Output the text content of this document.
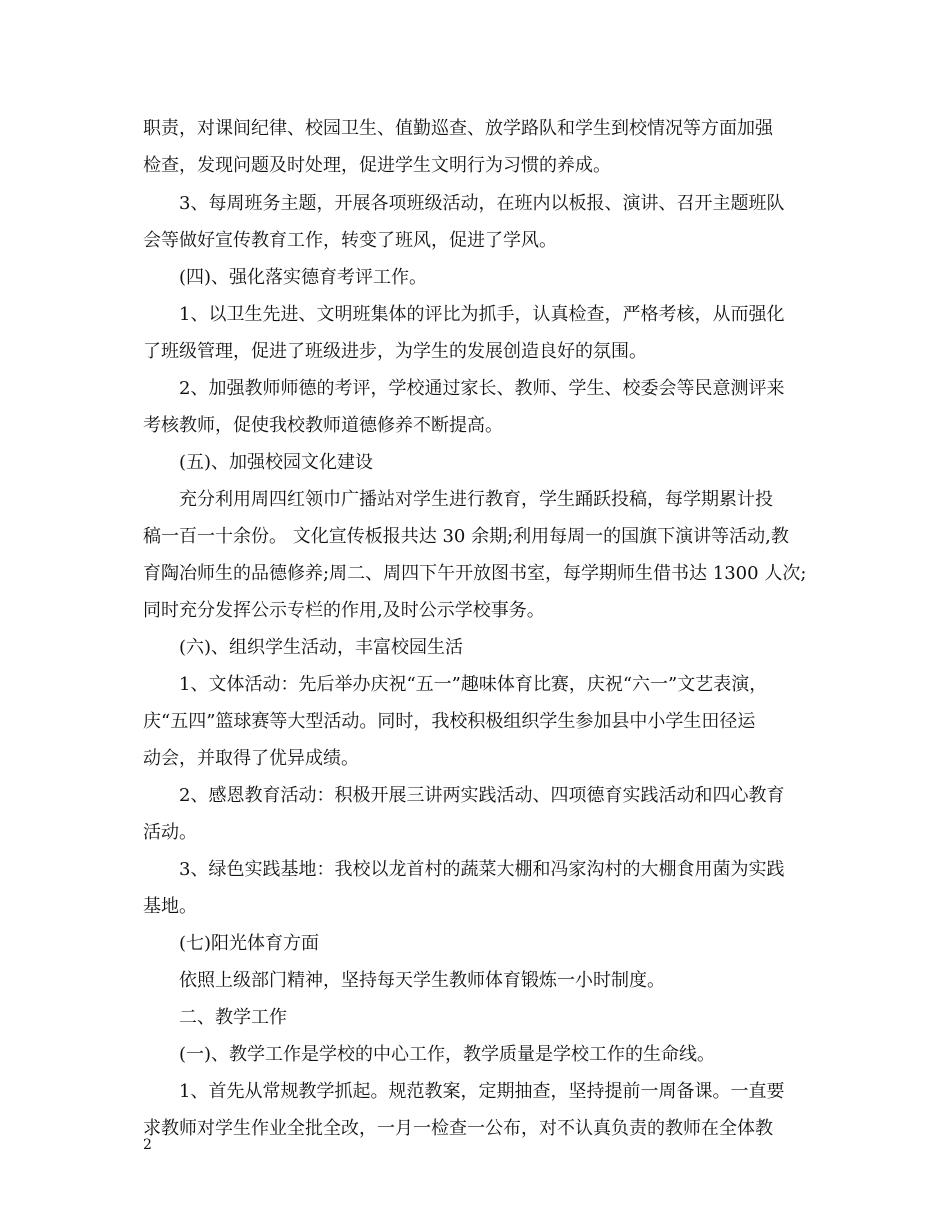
职责，对课间纪律、校园卫生、值勤巡查、放学路队和学生到校情况等方面加强
检查，发现问题及时处理，促进学生文明行为习惯的养成。
3、每周班务主题，开展各项班级活动，在班内以板报、演讲、召开主题班队
会等做好宣传教育工作，转变了班风，促进了学风。
(四)、强化落实德育考评工作。
1、以卫生先进、文明班集体的评比为抓手，认真检查，严格考核，从而强化
了班级管理，促进了班级进步，为学生的发展创造良好的氛围。
2、加强教师师德的考评，学校通过家长、教师、学生、校委会等民意测评来
考核教师，促使我校教师道德修养不断提高。
(五)、加强校园文化建设
充分利用周四红领巾广播站对学生进行教育，学生踊跃投稿，每学期累计投
稿一百一十余份。 文化宣传板报共达 30 余期;利用每周一的国旗下演讲等活动,教
育陶冶师生的品德修养;周二、周四下午开放图书室，每学期师生借书达 1300 人次;
同时充分发挥公示专栏的作用,及时公示学校事务。
(六)、组织学生活动，丰富校园生活
1、文体活动：先后举办庆祝“五一”趣味体育比赛，庆祝“六一”文艺表演，
庆“五四”篮球赛等大型活动。同时，我校积极组织学生参加县中小学生田径运
动会，并取得了优异成绩。
2、感恩教育活动：积极开展三讲两实践活动、四项德育实践活动和四心教育
活动。
3、绿色实践基地：我校以龙首村的蔬菜大棚和冯家沟村的大棚食用菌为实践
基地。
(七)阳光体育方面
依照上级部门精神，坚持每天学生教师体育锻炼一小时制度。
二、教学工作
(一)、教学工作是学校的中心工作，教学质量是学校工作的生命线。
1、首先从常规教学抓起。规范教案，定期抽查，坚持提前一周备课。一直要
求教师对学生作业全批全改，一月一检查一公布，对不认真负责的教师在全体教
2
